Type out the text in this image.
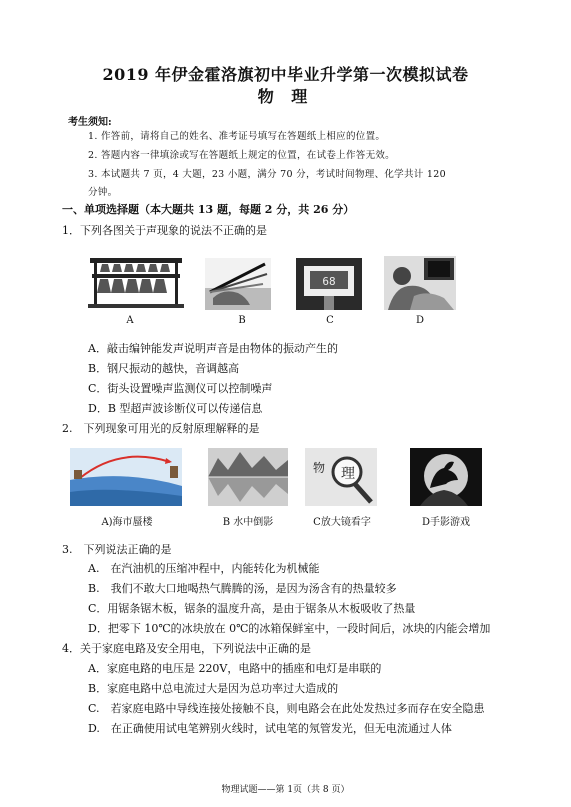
2019 年伊金霍洛旗初中毕业升学第一次模拟试卷
物 理
考生须知:
1. 作答前，请将自己的姓名、准考证号填写在答题纸上相应的位置。
2. 答题内容一律填涂或写在答题纸上规定的位置，在试卷上作答无效。
3. 本试题共 7 页，4 大题，23 小题，满分 70 分，考试时间物理、化学共计 120
分钟。
一、单项选择题（本大题共 13 题，每题 2 分，共 26 分）
1．下列各图关于声现象的说法不正确的是
A	B
68
C	D
A．敲击编钟能发声说明声音是由物体的振动产生的
B．钢尺振动的越快，音调越高
C．街头设置噪声监测仪可以控制噪声
D．B 型超声波诊断仪可以传递信息
2.　下列现象可用光的反射原理解释的是
A)海市蜃楼	B 水中倒影
物 理
C放大镜看字	D手影游戏
3.　下列说法正确的是
A.　在汽油机的压缩冲程中，内能转化为机械能
B.　我们不敢大口地喝热气腾腾的汤，是因为汤含有的热量较多
C．用锯条锯木板，锯条的温度升高，是由于锯条从木板吸收了热量
D．把零下 10℃的冰块放在 0℃的冰箱保鲜室中，一段时间后，冰块的内能会增加
4．关于家庭电路及安全用电，下列说法中正确的是
A．家庭电路的电压是 220V，电路中的插座和电灯是串联的
B．家庭电路中总电流过大是因为总功率过大造成的
C.　若家庭电路中导线连接处接触不良，则电路会在此处发热过多而存在安全隐患
D.　在正确使用试电笔辨别火线时，试电笔的氖管发光，但无电流通过人体
物理试题——第 1页（共 8 页）
